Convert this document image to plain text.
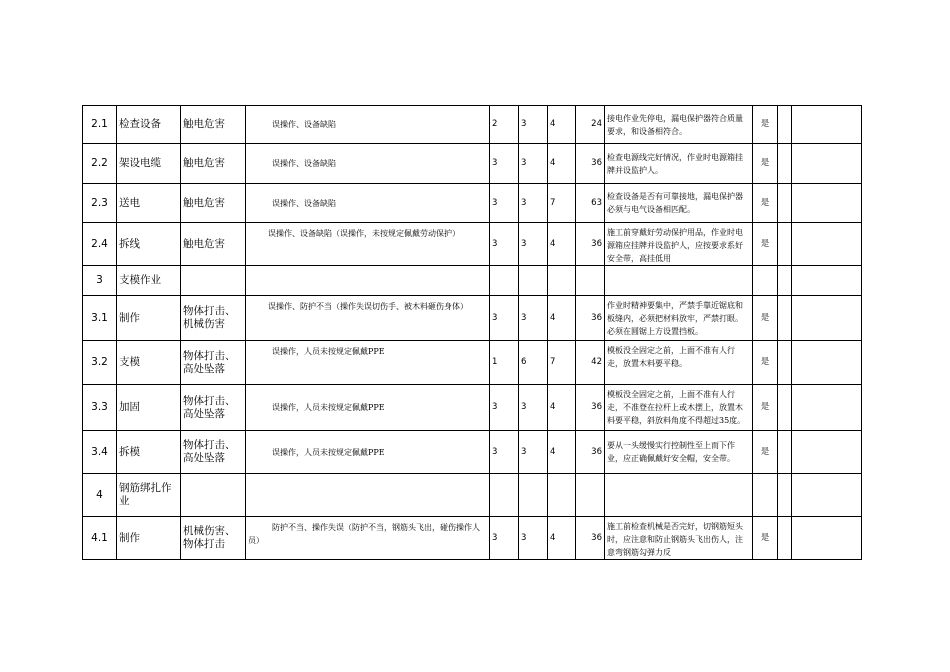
2.1	检查设备	触电危害	误操作、设备缺陷	2	3	4	24	接电作业先停电，漏电保护器符合质量要求，和设备相符合。	是		
2.2	架设电缆	触电危害	误操作、设备缺陷	3	3	4	36	检查电源线完好情况，作业时电源箱挂牌并设监护人。	是		
2.3	送电	触电危害	误操作、设备缺陷	3	3	7	63	检查设备是否有可靠接地，漏电保护器必须与电气设备相匹配。	是		
2.4	拆线	触电危害	误操作、设备缺陷（误操作，未按规定佩戴劳动保护）	3	3	4	36	施工前穿戴好劳动保护用品，作业时电源箱应挂牌并设监护人，应按要求系好安全带，高挂低用	是		
3	支模作业										
3.1	制作	物体打击、机械伤害	误操作、防护不当（操作失误切伤手、被木料砸伤身体）	3	3	4	36	作业时精神要集中，严禁手靠近锯底和板缝内，必须把材料放牢，严禁打眼。必须在圆锯上方设置挡板。	是		
3.2	支模	物体打击、高处坠落	误操作，人员未按规定佩戴PPE	1	6	7	42	模板没全固定之前，上面不准有人行走，放置木料要平稳。	是		
3.3	加固	物体打击、高处坠落	误操作，人员未按规定佩戴PPE	3	3	4	36	模板没全固定之前，上面不准有人行走，不准登在拉杆上或木摆上，放置木料要平稳，斜放料角度不得超过35度。	是		
3.4	拆模	物体打击、高处坠落	误操作，人员未按规定佩戴PPE	3	3	4	36	要从一头缓慢实行控制性至上而下作业，应正确佩戴好安全帽，安全带。	是		
4	钢筋绑扎作业										
4.1	制作	机械伤害、物体打击	防护不当、操作失误（防护不当，钢筋头飞出，碰伤操作人员）	3	3	4	36	施工前检查机械是否完好，切钢筋短头时，应注意和防止钢筋头飞出伤人，注意弯钢筋勾弹力反	是		
